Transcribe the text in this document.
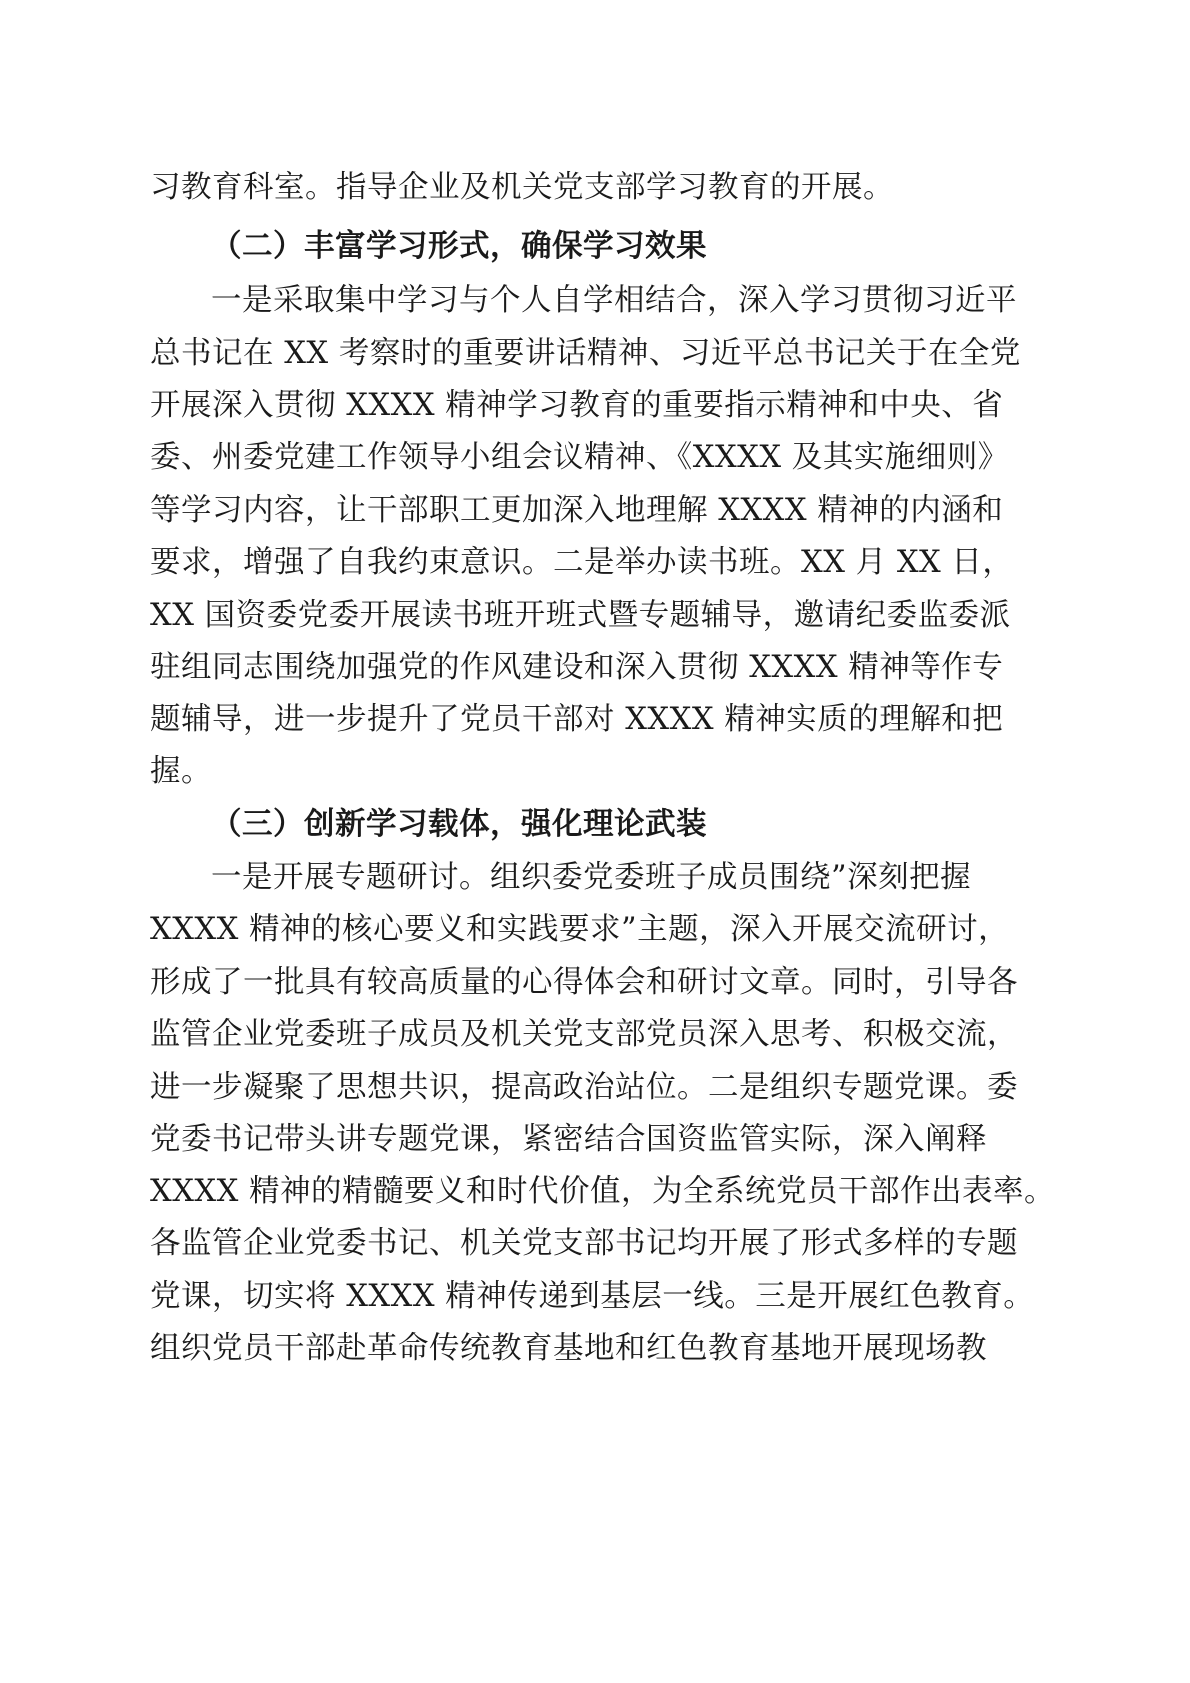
习教育科室。指导企业及机关党支部学习教育的开展。

（二）丰富学习形式，确保学习效果

一是采取集中学习与个人自学相结合，深入学习贯彻习近平

总书记在 XX 考察时的重要讲话精神、习近平总书记关于在全党

开展深入贯彻 XXXX 精神学习教育的重要指示精神和中央、省

委、州委党建工作领导小组会议精神、《XXXX 及其实施细则》

等学习内容，让干部职工更加深入地理解 XXXX 精神的内涵和

要求，增强了自我约束意识。二是举办读书班。XX 月 XX 日，

XX 国资委党委开展读书班开班式暨专题辅导，邀请纪委监委派

驻组同志围绕加强党的作风建设和深入贯彻 XXXX 精神等作专

题辅导，进一步提升了党员干部对 XXXX 精神实质的理解和把

握。

（三）创新学习载体，强化理论武装

一是开展专题研讨。组织委党委班子成员围绕”深刻把握

XXXX 精神的核心要义和实践要求”主题，深入开展交流研讨，

形成了一批具有较高质量的心得体会和研讨文章。同时，引导各

监管企业党委班子成员及机关党支部党员深入思考、积极交流，

进一步凝聚了思想共识，提高政治站位。二是组织专题党课。委

党委书记带头讲专题党课，紧密结合国资监管实际，深入阐释

XXXX 精神的精髓要义和时代价值，为全系统党员干部作出表率。

各监管企业党委书记、机关党支部书记均开展了形式多样的专题

党课，切实将 XXXX 精神传递到基层一线。三是开展红色教育。

组织党员干部赴革命传统教育基地和红色教育基地开展现场教
